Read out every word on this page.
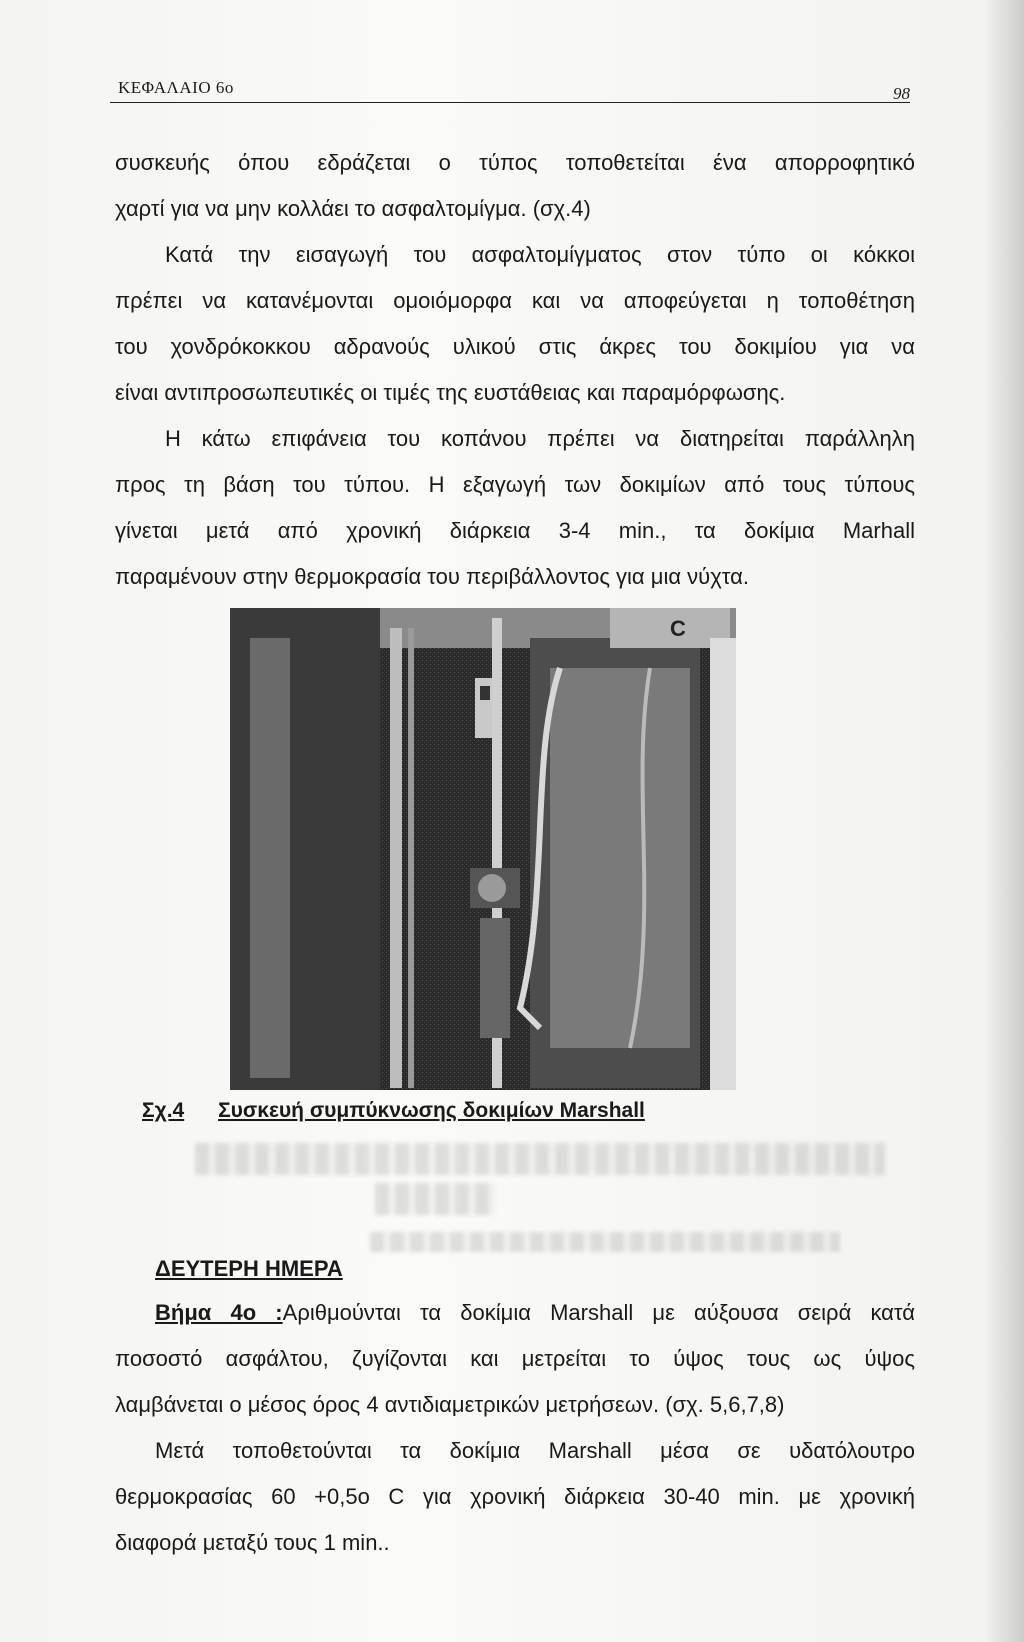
ΚΕΦΑΛΑΙΟ 6ο	98
συσκευής όπου εδράζεται ο τύπος τοποθετείται ένα απορροφητικό
χαρτί για να μην κολλάει το ασφαλτομίγμα. (σχ.4)
Κατά την εισαγωγή του ασφαλτομίγματος στον τύπο οι κόκκοι
πρέπει να κατανέμονται ομοιόμορφα και να αποφεύγεται η τοποθέτηση
του χονδρόκοκκου αδρανούς υλικού στις άκρες του δοκιμίου για να
είναι αντιπροσωπευτικές οι τιμές της ευστάθειας και παραμόρφωσης.
Η κάτω επιφάνεια του κοπάνου πρέπει να διατηρείται παράλληλη
προς τη βάση του τύπου. Η εξαγωγή των δοκιμίων από τους τύπους
γίνεται μετά από χρονική διάρκεια 3-4 min., τα δοκίμια Marhall
παραμένουν στην θερμοκρασία του περιβάλλοντος για μια νύχτα.
C
Σχ.4 Συσκευή συμπύκνωσης δοκιμίων Marshall
ΔΕΥΤΕΡΗ ΗΜΕΡΑ
Βήμα 4ο :Αριθμούνται τα δοκίμια Marshall με αύξουσα σειρά κατά
ποσοστό ασφάλτου, ζυγίζονται και μετρείται το ύψος τους ως ύψος
λαμβάνεται ο μέσος όρος 4 αντιδιαμετρικών μετρήσεων. (σχ. 5,6,7,8)
Μετά τοποθετούνται τα δοκίμια Marshall μέσα σε υδατόλουτρο
θερμοκρασίας 60 +0,5ο C για χρονική διάρκεια 30-40 min. με χρονική
διαφορά μεταξύ τους 1 min..
